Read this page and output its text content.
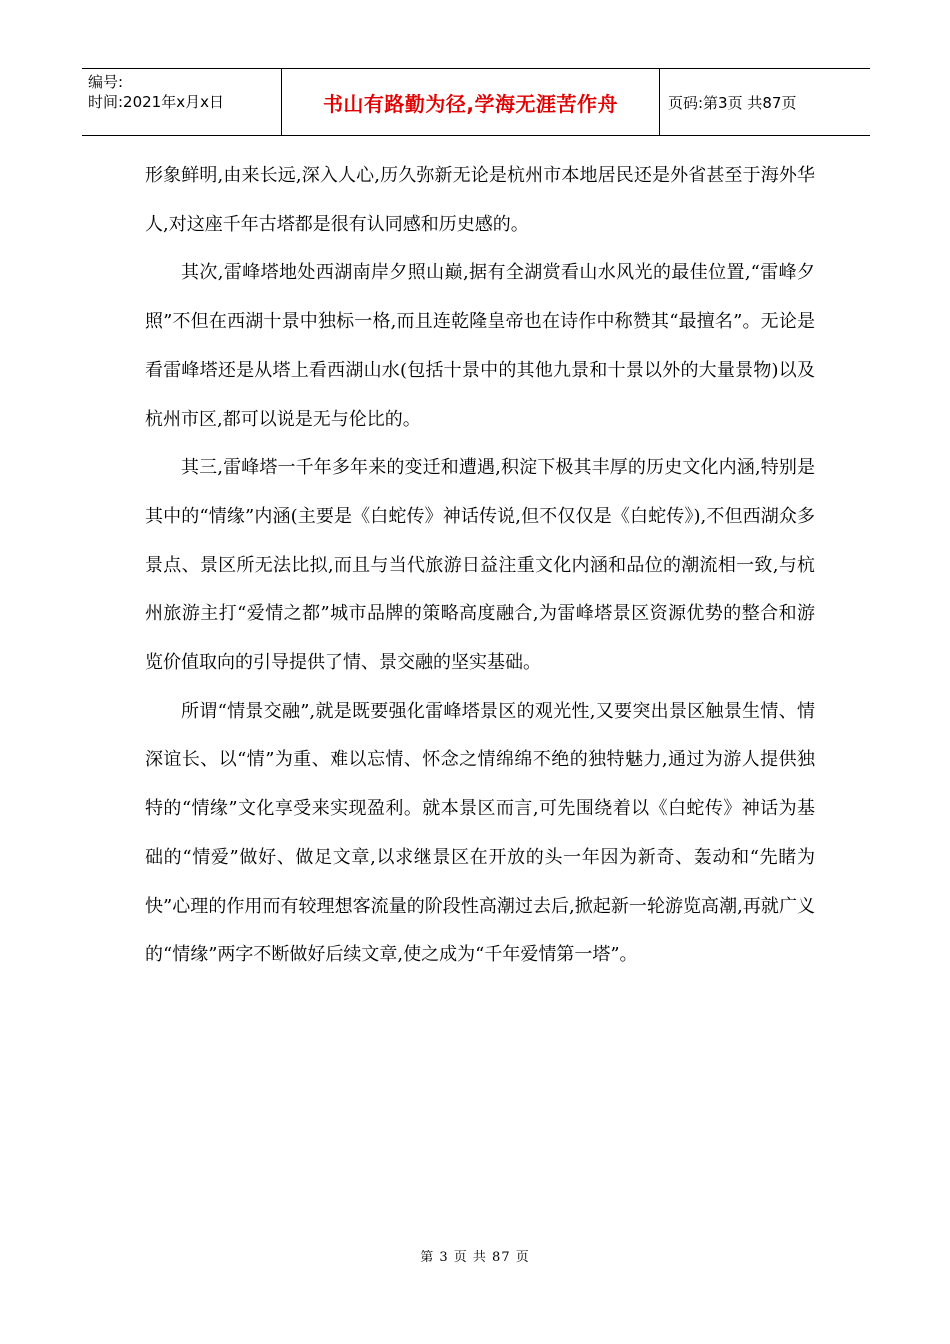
编号:
时间:2021年x月x日	书山有路勤为径,学海无涯苦作舟	页码:第3页 共87页

形象鲜明,由来长远,深入人心,历久弥新无论是杭州市本地居民还是外省甚至于海外华人,对这座千年古塔都是很有认同感和历史感的。

其次,雷峰塔地处西湖南岸夕照山巅,据有全湖赏看山水风光的最佳位置,“雷峰夕照”不但在西湖十景中独标一格,而且连乾隆皇帝也在诗作中称赞其“最擅名”。无论是看雷峰塔还是从塔上看西湖山水(包括十景中的其他九景和十景以外的大量景物)以及杭州市区,都可以说是无与伦比的。

其三,雷峰塔一千年多年来的变迁和遭遇,积淀下极其丰厚的历史文化内涵,特别是其中的“情缘”内涵(主要是《白蛇传》神话传说,但不仅仅是《白蛇传》),不但西湖众多景点、景区所无法比拟,而且与当代旅游日益注重文化内涵和品位的潮流相一致,与杭州旅游主打“爱情之都”城市品牌的策略高度融合,为雷峰塔景区资源优势的整合和游览价值取向的引导提供了情、景交融的坚实基础。

所谓“情景交融”,就是既要强化雷峰塔景区的观光性,又要突出景区触景生情、情深谊长、以“情”为重、难以忘情、怀念之情绵绵不绝的独特魅力,通过为游人提供独特的“情缘”文化享受来实现盈利。就本景区而言,可先围绕着以《白蛇传》神话为基础的“情爱”做好、做足文章,以求继景区在开放的头一年因为新奇、轰动和“先睹为快”心理的作用而有较理想客流量的阶段性高潮过去后,掀起新一轮游览高潮,再就广义的“情缘”两字不断做好后续文章,使之成为“千年爱情第一塔”。

第 3 页 共 87 页
